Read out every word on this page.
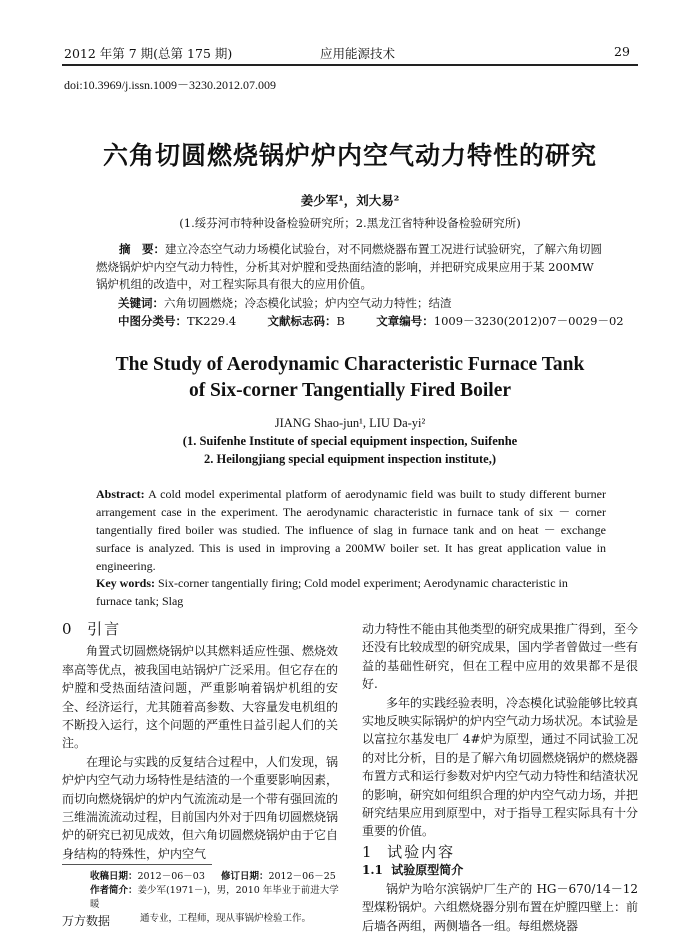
2012 年第 7 期(总第 175 期)	应用能源技术	29
doi:10.3969/j.issn.1009－3230.2012.07.009
六角切圆燃烧锅炉炉内空气动力特性的研究
姜少军¹，刘大易²
(1.绥芬河市特种设备检验研究所；2.黑龙江省特种设备检验研究所)
摘　要：建立冷态空气动力场模化试验台，对不同燃烧器布置工况进行试验研究，了解六角切圆燃烧锅炉炉内空气动力特性，分析其对炉膛和受热面结渣的影响，并把研究成果应用于某 200MW 锅炉机组的改造中，对工程实际具有很大的应用价值。
关键词：六角切圆燃烧；冷态模化试验；炉内空气动力特性；结渣
中图分类号：TK229.4	文献标志码：B	文章编号：1009－3230(2012)07－0029－02
The Study of Aerodynamic Characteristic Furnace Tank
of Six-corner Tangentially Fired Boiler
JIANG Shao-jun¹, LIU Da-yi²
(1. Suifenhe Institute of special equipment inspection, Suifenhe
2. Heilongjiang special equipment inspection institute,)
Abstract: A cold model experimental platform of aerodynamic field was built to study different burner arrangement case in the experiment. The aerodynamic characteristic in furnace tank of six － corner tangentially fired boiler was studied. The influence of slag in furnace tank and on heat － exchange surface is analyzed. This is used in improving a 200MW boiler set. It has great application value in engineering.
Key words: Six-corner tangentially firing; Cold model experiment; Aerodynamic characteristic in furnace tank; Slag
0 引言

角置式切圆燃烧锅炉以其燃料适应性强、燃烧效率高等优点，被我国电站锅炉广泛采用。但它存在的炉膛和受热面结渣问题，严重影响着锅炉机组的安全、经济运行，尤其随着高参数、大容量发电机组的不断投入运行，这个问题的严重性日益引起人们的关注。

在理论与实践的反复结合过程中，人们发现，锅炉炉内空气动力场特性是结渣的一个重要影响因素，而切向燃烧锅炉的炉内气流流动是一个带有强回流的三维湍流流动过程，目前国内外对于四角切圆燃烧锅炉的研究已初见成效，但六角切圆燃烧锅炉由于它自身结构的特殊性，炉内空气

收稿日期：2012－06－03 修订日期：2012－06－25
作者简介：姜少军(1971－)，男，2010 年毕业于前进大学暖
通专业，工程师，现从事锅炉检验工作。
万方数据

动力特性不能由其他类型的研究成果推广得到，至今还没有比较成型的研究成果，国内学者曾做过一些有益的基础性研究，但在工程中应用的效果都不是很好.

多年的实践经验表明，冷态模化试验能够比较真实地反映实际锅炉的炉内空气动力场状况。本试验是以富拉尔基发电厂 4#炉为原型，通过不同试验工况的对比分析，目的是了解六角切圆燃烧锅炉的燃烧器布置方式和运行参数对炉内空气动力特性和结渣状况的影响，研究如何组织合理的炉内空气动力场，并把研究结果应用到原型中，对于指导工程实际具有十分重要的价值。

1 试验内容
1.1 试验原型简介

锅炉为哈尔滨锅炉厂生产的 HG－670/14－12 型煤粉锅炉。六组燃烧器分别布置在炉膛四壁上：前后墙各两组，两侧墙各一组。每组燃烧器
